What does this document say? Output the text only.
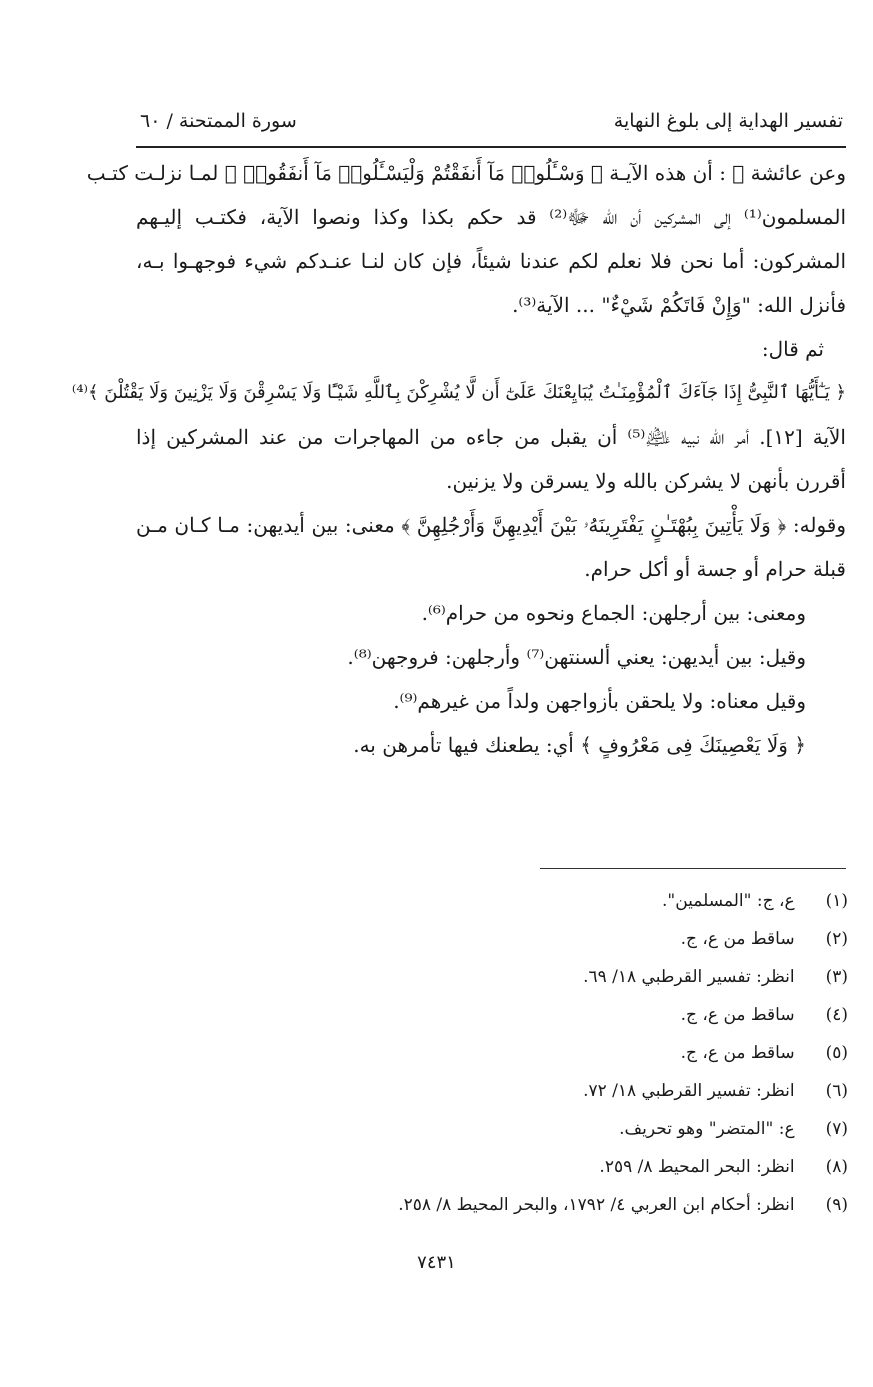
تفسير الهداية إلى بلوغ النهاية
سورة الممتحنة / ٦٠

وعن عائشة ﵂ : أن هذه الآيـة ﴿ وَسْـَٔلُوا۟ مَآ أَنفَقْتُمْ وَلْيَسْـَٔلُوا۟ مَآ أَنفَقُوا۟ ﴾ لمـا نزلـت كتـب

المسلمون⁽¹⁾ إلى المشركين أن الله ﷻ⁽²⁾ قد حكم بكذا وكذا ونصوا الآية، فكتـب إليـهم

المشركون: أما نحن فلا نعلم لكم عندنا شيئاً، فإن كان لنـا عنـدكم شيء فوجهـوا بـه،

فأنزل الله: "وَإِنْ فَاتَكُمْ شَيْءٌ" ... الآية⁽³⁾.

ثم قال:

﴿ يَـٰٓأَيُّهَا ٱلنَّبِىُّ إِذَا جَآءَكَ ٱلْمُؤْمِنَـٰتُ يُبَايِعْنَكَ عَلَىٰٓ أَن لَّا يُشْرِكْنَ بِٱللَّهِ شَيْـًٔا وَلَا يَسْرِقْنَ وَلَا يَزْنِينَ وَلَا يَقْتُلْنَ ﴾⁽⁴⁾

الآية [١٢]. أمر الله نبيه ﵇⁽⁵⁾ أن يقبل من جاءه من المهاجرات من عند المشركين إذا

أقررن بأنهن لا يشركن بالله ولا يسرقن ولا يزنين.

وقوله: ﴿ وَلَا يَأْتِينَ بِبُهْتَـٰنٍ يَفْتَرِينَهُۥ بَيْنَ أَيْدِيهِنَّ وَأَرْجُلِهِنَّ ﴾ معنى: بين أيديهن: مـا كـان مـن

قبلة حرام أو جسة أو أكل حرام.

ومعنى: بين أرجلهن: الجماع ونحوه من حرام⁽⁶⁾.

وقيل: بين أيديهن: يعني ألسنتهن⁽⁷⁾ وأرجلهن: فروجهن⁽⁸⁾.

وقيل معناه: ولا يلحقن بأزواجهن ولداً من غيرهم⁽⁹⁾.

﴿ وَلَا يَعْصِينَكَ فِى مَعْرُوفٍ ﴾ أي: يطعنك فيها تأمرهن به.

(١) ع، ج: "المسلمين".
(٢) ساقط من ع، ج.
(٣) انظر: تفسير القرطبي ١٨/ ٦٩.
(٤) ساقط من ع، ج.
(٥) ساقط من ع، ج.
(٦) انظر: تفسير القرطبي ١٨/ ٧٢.
(٧) ع: "المتضر" وهو تحريف.
(٨) انظر: البحر المحيط ٨/ ٢٥٩.
(٩) انظر: أحكام ابن العربي ٤/ ١٧٩٢، والبحر المحيط ٨/ ٢٥٨.
٧٤٣١
